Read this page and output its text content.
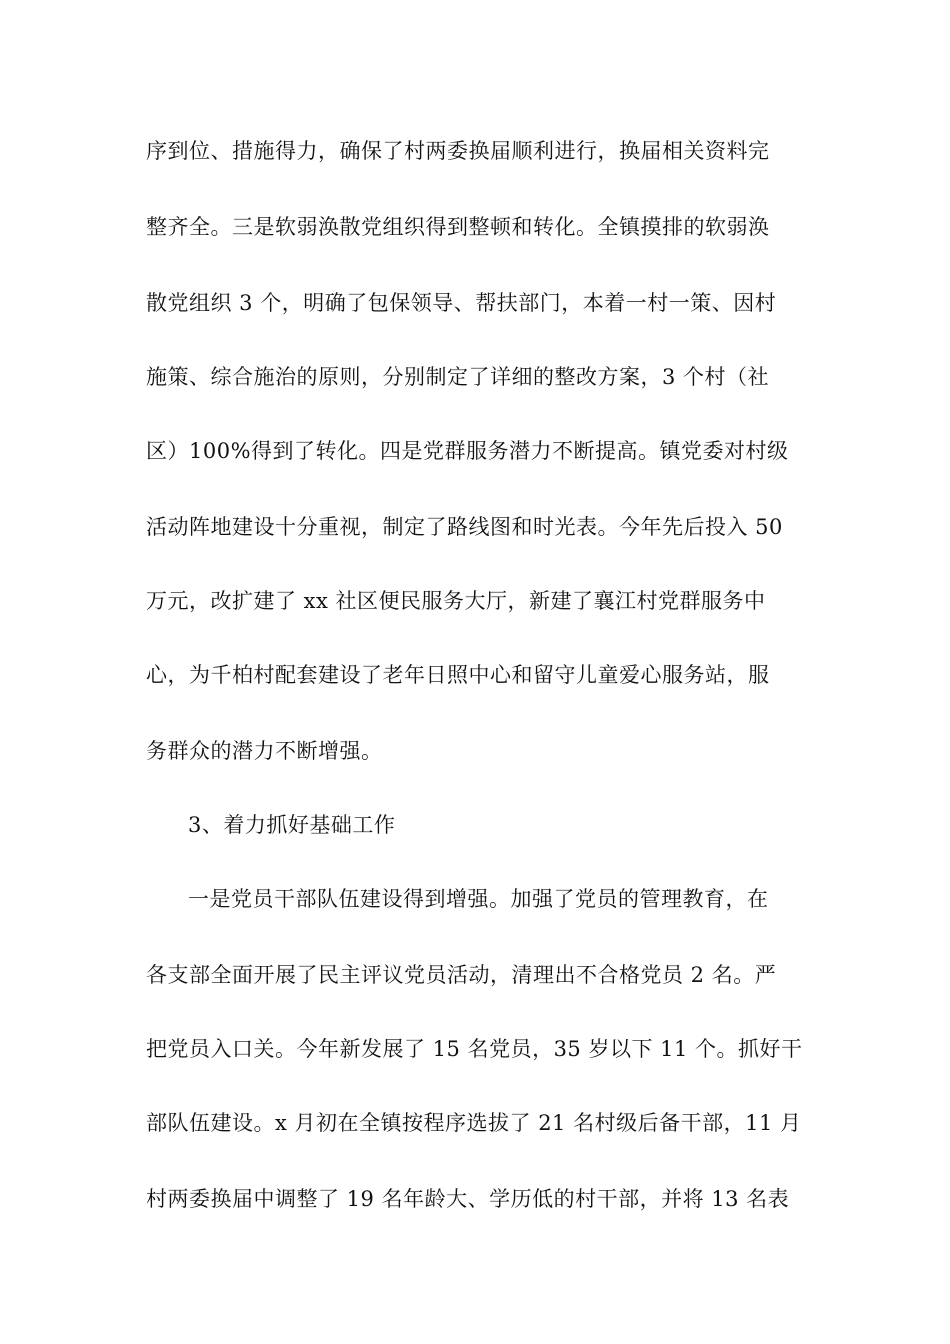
序到位、措施得力，确保了村两委换届顺利进行，换届相关资料完
整齐全。三是软弱涣散党组织得到整顿和转化。全镇摸排的软弱涣
散党组织 3 个，明确了包保领导、帮扶部门，本着一村一策、因村
施策、综合施治的原则，分别制定了详细的整改方案，3 个村（社
区）100%得到了转化。四是党群服务潜力不断提高。镇党委对村级
活动阵地建设十分重视，制定了路线图和时光表。今年先后投入 50
万元，改扩建了 xx 社区便民服务大厅，新建了襄江村党群服务中
心，为千柏村配套建设了老年日照中心和留守儿童爱心服务站，服
务群众的潜力不断增强。
3、着力抓好基础工作
一是党员干部队伍建设得到增强。加强了党员的管理教育，在
各支部全面开展了民主评议党员活动，清理出不合格党员 2 名。严
把党员入口关。今年新发展了 15 名党员，35 岁以下 11 个。抓好干
部队伍建设。x 月初在全镇按程序选拔了 21 名村级后备干部，11 月
村两委换届中调整了 19 名年龄大、学历低的村干部，并将 13 名表
